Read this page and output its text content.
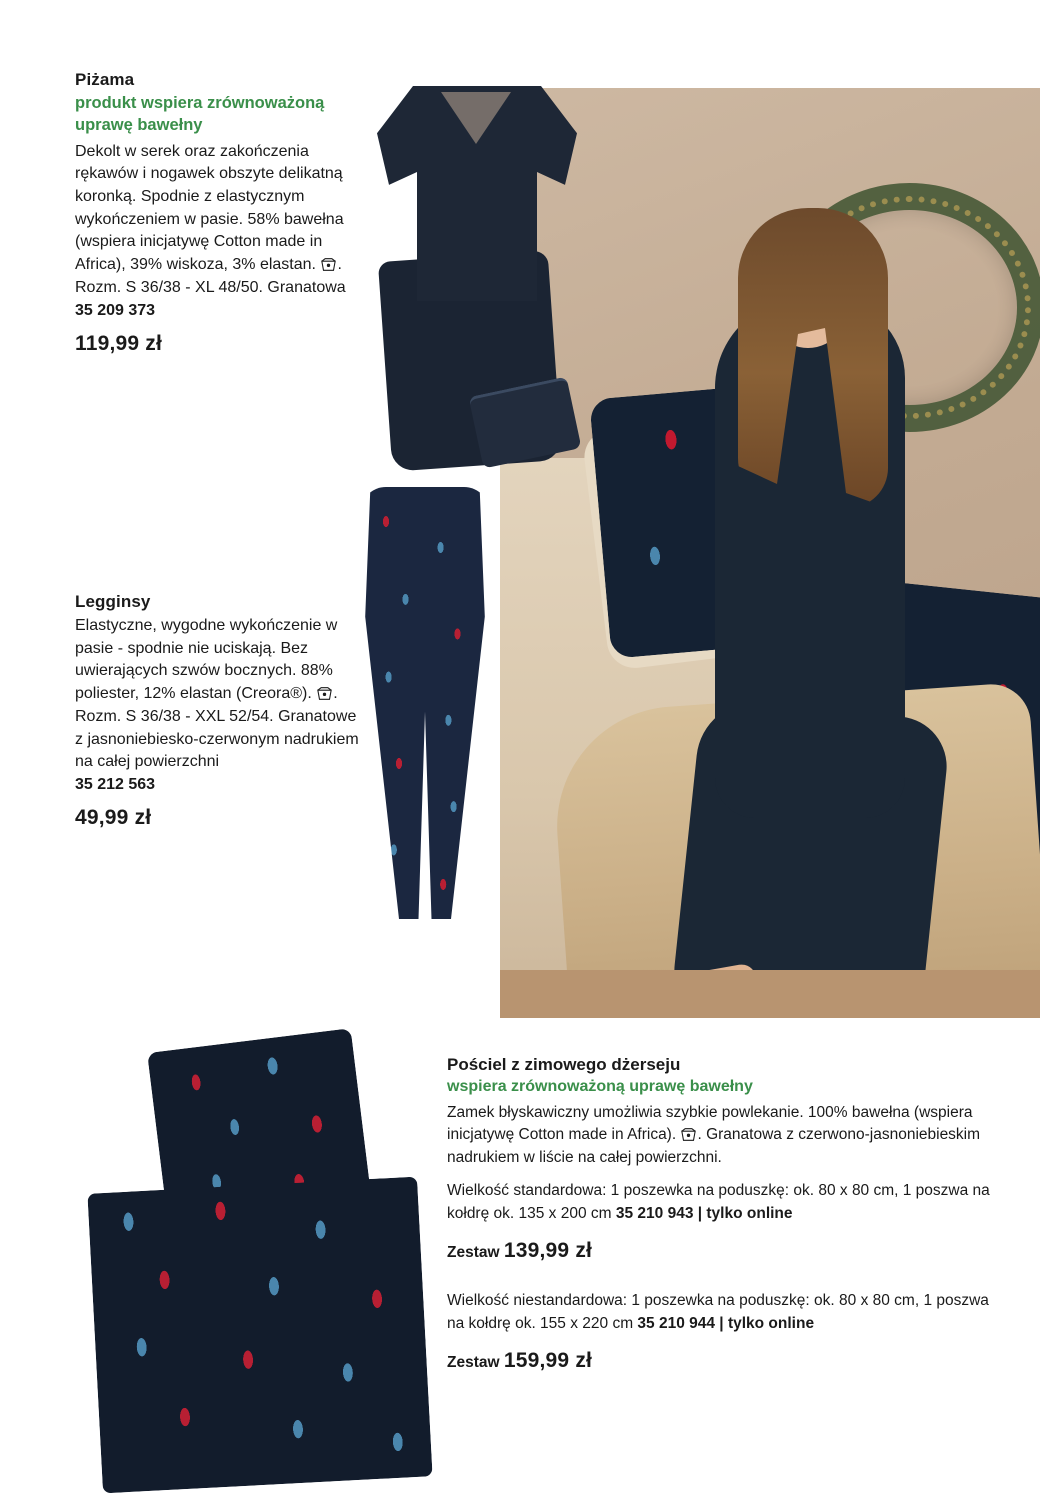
Piżama

produkt wspiera zrównoważoną uprawę bawełny

Dekolt w serek oraz zakończenia rękawów i nogawek obszyte delikatną koronką. Spodnie z elastycznym wykończeniem w pasie. 58% bawełna (wspiera inicjatywę Cotton made in Africa), 39% wiskoza, 3% elastan.
. Rozm. S 36/38 - XL 48/50. Granatowa

35 209 373
119,99 zł
Legginsy

Elastyczne, wygodne wykończenie w pasie - spodnie nie uciskają. Bez uwierających szwów bocznych. 88% poliester, 12% elastan (Creora®).
. Rozm. S 36/38 - XXL 52/54. Granatowe z jasnoniebiesko-czerwonym nadrukiem na całej powierzchni

35 212 563
49,99 zł
Pościel z zimowego dżerseju

wspiera zrównoważoną uprawę bawełny

Zamek błyskawiczny umożliwia szybkie powlekanie. 100% bawełna (wspiera inicjatywę Cotton made in Africa).
. Granatowa z czerwono-jasnoniebieskim nadrukiem w liście na całej powierzchni.

Wielkość standardowa: 1 poszewka na poduszkę: ok. 80 x 80 cm, 1 poszwa na kołdrę ok. 135 x 200 cm 35 210 943 | tylko online

Zestaw 139,99 zł

Wielkość niestandardowa: 1 poszewka na poduszkę: ok. 80 x 80 cm, 1 poszwa na kołdrę ok. 155 x 220 cm 35 210 944 | tylko online

Zestaw 159,99 zł
